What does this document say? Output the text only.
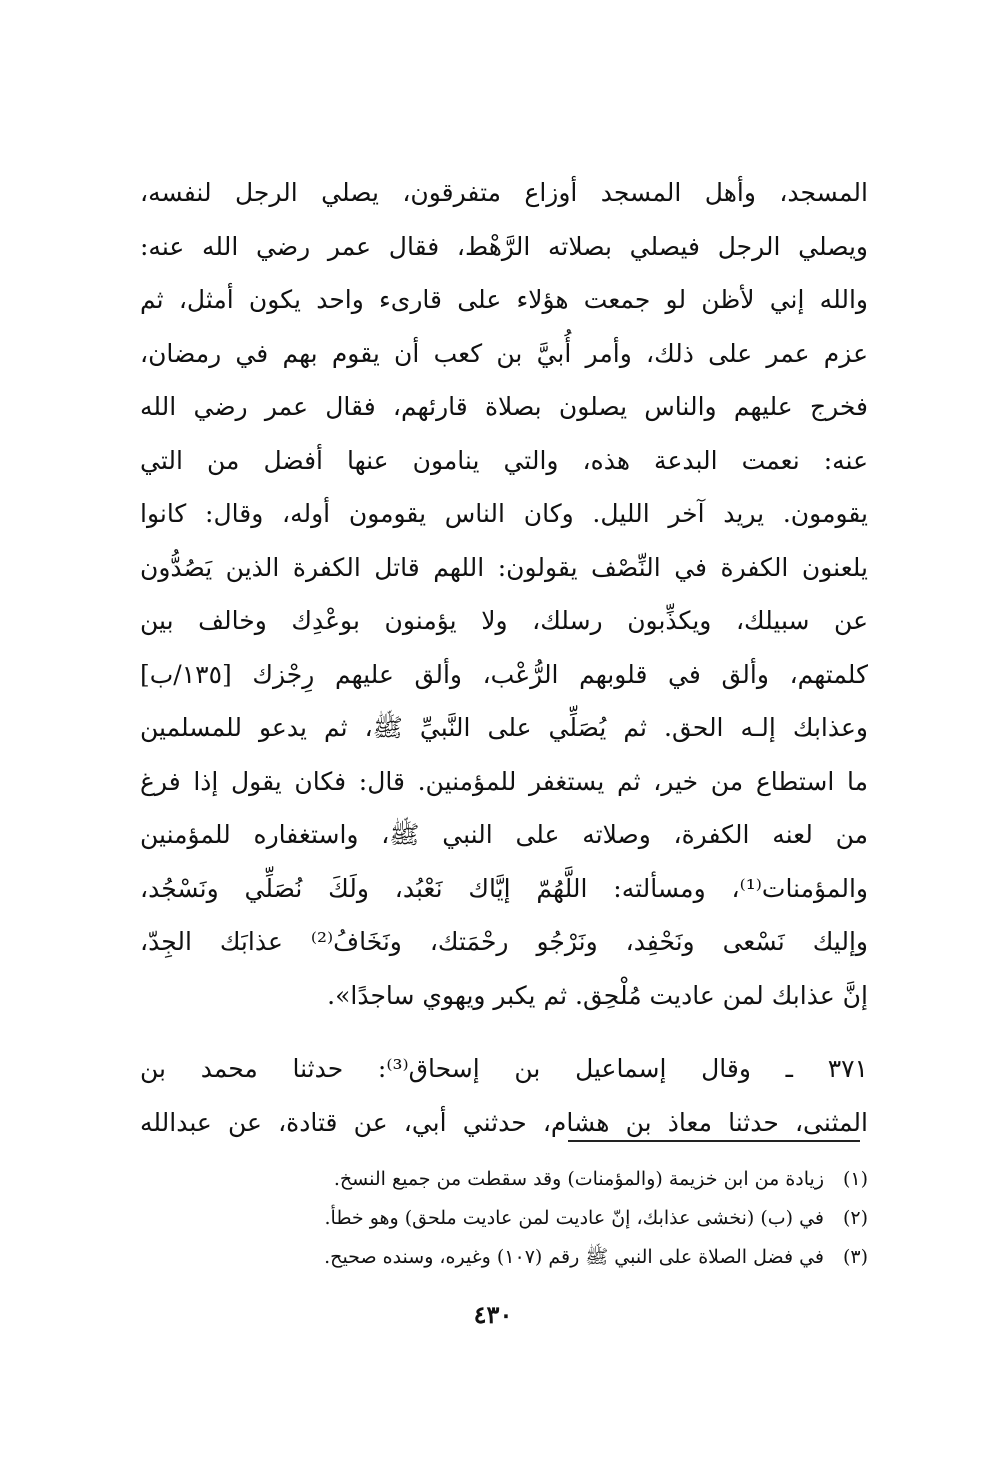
المسجد، وأهل المسجد أوزاع متفرقون، يصلي الرجل لنفسه،
ويصلي الرجل فيصلي بصلاته الرَّهْط، فقال عمر رضي الله عنه:
والله إني لأظن لو جمعت هؤلاء على قارىء واحد يكون أمثل، ثم
عزم عمر على ذلك، وأمر أُبيَّ بن كعب أن يقوم بهم في رمضان،
فخرج عليهم والناس يصلون بصلاة قارئهم، فقال عمر رضي الله
عنه: نعمت البدعة هذه، والتي ينامون عنها أفضل من التي
يقومون. يريد آخر الليل. وكان الناس يقومون أوله، وقال: كانوا
يلعنون الكفرة في النِّصْف يقولون: اللهم قاتل الكفرة الذين يَصُدُّون
عن سبيلك، ويكذِّبون رسلك، ولا يؤمنون بوعْدِك وخالف بين
كلمتهم، وألق في قلوبهم الرُّعْب، وألق عليهم رِجْزك [١٣٥/ب]
وعذابك إلـه الحق. ثم يُصَلِّي على النَّبيِّ ﷺ، ثم يدعو للمسلمين
ما استطاع من خير، ثم يستغفر للمؤمنين. قال: فكان يقول إذا فرغ
من لعنه الكفرة، وصلاته على النبي ﷺ، واستغفاره للمؤمنين
والمؤمنات⁽¹⁾، ومسألته: اللَّهُمّ إيَّاك نَعْبُد، ولَكَ نُصَلِّي ونَسْجُد،
وإليك نَسْعى ونَحْفِد، ونَرْجُو رحْمَتك، ونَخَافُ⁽²⁾ عذابَك الجِدّ،
إنَّ عذابك لمن عاديت مُلْحِق. ثم يكبر ويهوي ساجدًا».
٣٧١ ـ وقال إسماعيل بن إسحاق⁽³⁾: حدثنا محمد بن
المثنى، حدثنا معاذ بن هشام، حدثني أبي، عن قتادة، عن عبدالله
(١)
زيادة من ابن خزيمة (والمؤمنات) وقد سقطت من جميع النسخ.
(٢)
في (ب) (نخشى عذابك، إنّ عاديت لمن عاديت ملحق) وهو خطأ.
(٣)
في فضل الصلاة على النبي ﷺ رقم (١٠٧) وغيره، وسنده صحيح.
٤٣٠
